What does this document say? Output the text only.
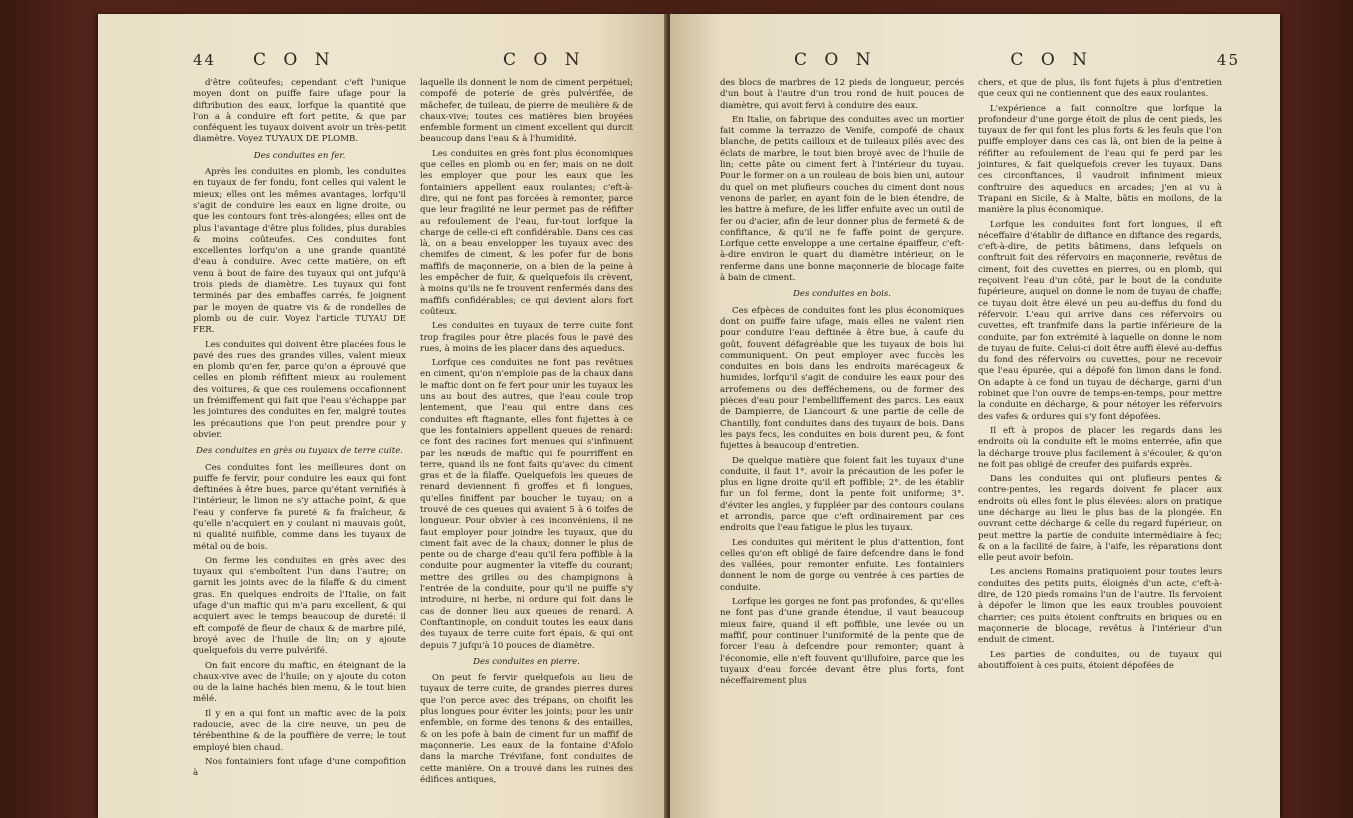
44	C O N	C O N

d'être coûteufes; cependant c'eft l'unique moyen dont on puiffe faire ufage pour la diftribution des eaux, lorfque la quantité que l'on a à conduire eft fort petite, & que par conféquent les tuyaux doivent avoir un très-petit diamètre. Voyez TUYAUX DE PLOMB.

Des conduites en fer.

Après les conduites en plomb, les conduites en tuyaux de fer fondu, font celles qui valent le mieux; elles ont les mêmes avantages, lorfqu'il s'agit de conduire les eaux en ligne droite, ou que les contours font très-alongées; elles ont de plus l'avantage d'être plus folides, plus durables & moins coûteufes. Ces conduites font excellentes lorfqu'on a une grande quantité d'eau à conduire. Avec cette matière, on eft venu à bout de faire des tuyaux qui ont jufqu'à trois pieds de diamètre. Les tuyaux qui font terminés par des embaffes carrés, fe joignent par le moyen de quatre vis & de rondelles de plomb ou de cuir. Voyez l'article TUYAU DE FER.

Les conduites qui doivent être placées fous le pavé des rues des grandes villes, valent mieux en plomb qu'en fer, parce qu'on a éprouvé que celles en plomb réfiftent mieux au roulement des voitures, & que ces roulemens occafionnent un frémiffement qui fait que l'eau s'échappe par les jointures des conduites en fer, malgré toutes les précautions que l'on peut prendre pour y obvier.

Des conduites en grès ou tuyaux de terre cuite.

Ces conduites font les meilleures dont on puiffe fe fervir, pour conduire les eaux qui font deftinées à être bues, parce qu'étant vernifiés à l'intérieur, le limon ne s'y attache point, & que l'eau y conferve fa pureté & fa fraîcheur, & qu'elle n'acquiert en y coulant ni mauvais goût, ni qualité nuifible, comme dans les tuyaux de métal ou de bois.

On ferme les conduites en grès avec des tuyaux qui s'emboîtent l'un dans l'autre; on garnit les joints avec de la filaffe & du ciment gras. En quelques endroits de l'Italie, on fait ufage d'un maftic qui m'a paru excellent, & qui acquiert avec le temps beaucoup de dureté: il eft compofé de fleur de chaux & de marbre pilé, broyé avec de l'huile de lin; on y ajoute quelquefois du verre pulvérifé.

On fait encore du maftic, en éteignant de la chaux-vive avec de l'huile; on y ajoute du coton ou de la laine hachés bien menu, & le tout bien mêlé.

Il y en a qui font un maftic avec de la poix radoucie, avec de la cire neuve, un peu de térébenthine & de la pouffière de verre; le tout employé bien chaud.

Nos fontainiers font ufage d'une compofition à

laquelle ils donnent le nom de ciment perpétuel; compofé de poterie de grès pulvérifée, de mâchefer, de tuileau, de pierre de meulière & de chaux-vive; toutes ces matières bien broyées enfemble forment un ciment excellent qui durcit beaucoup dans l'eau & à l'humidité.

Les conduites en grès font plus économiques que celles en plomb ou en fer; mais on ne doit les employer que pour les eaux que les fontainiers appellent eaux roulantes; c'eft-à-dire, qui ne font pas forcées à remonter, parce que leur fragilité ne leur permet pas de réfifter au refoulement de l'eau, fur-tout lorfque la charge de celle-ci eft confidérable. Dans ces cas là, on a beau envelopper les tuyaux avec des chemifes de ciment, & les pofer fur de bons maffifs de maçonnerie, on a bien de la peine à les empêcher de fuir, & quelquefois ils crèvent, à moins qu'ils ne fe trouvent renfermés dans des maffifs confidérables; ce qui devient alors fort coûteux.

Les conduites en tuyaux de terre cuite font trop fragiles pour être placés fous le pavé des rues, à moins de les placer dans des aqueducs.

Lorfque ces conduites ne font pas revêtues en ciment, qu'on n'emploie pas de la chaux dans le maftic dont on fe fert pour unir les tuyaux les uns au bout des autres, que l'eau coule trop lentement, que l'eau qui entre dans ces conduites eft ftagnante, elles font fujettes à ce que les fontainiers appellent queues de renard: ce font des racines fort menues qui s'infinuent par les nœuds de maftic qui fe pourriffent en terre, quand ils ne font faits qu'avec du ciment gras et de la filaffe. Quelquefois les queues de renard deviennent fi groffes et fi longues, qu'elles finiffent par boucher le tuyau; on a trouvé de ces queues qui avaient 5 à 6 toifes de longueur. Pour obvier à ces inconvéniens, il ne faut employer pour joindre les tuyaux, que du ciment fait avec de la chaux; donner le plus de pente ou de charge d'eau qu'il fera poffible à la conduite pour augmenter la viteffe du courant; mettre des grilles ou des champignons à l'entrée de la conduite, pour qu'il ne puiffe s'y introduire, ni herbe, ni ordure qui foit dans le cas de donner lieu aux queues de renard. A Conftantinople, on conduit toutes les eaux dans des tuyaux de terre cuite fort épais, & qui ont depuis 7 jufqu'à 10 pouces de diamètre.

Des conduites en pierre.

On peut fe fervir quelquefois au lieu de tuyaux de terre cuite, de grandes pierres dures que l'on perce avec des trépans, on choifit les plus longues pour éviter les joints; pour les unir enfemble, on forme des tenons & des entailles, & on les pofe à bain de ciment fur un maffif de maçonnerie. Les eaux de la fontaine d'Afolo dans la marche Trévifane, font conduites de cette manière. On a trouvé dans les ruines des édifices antiques,

C O N	C O N	45

des blocs de marbres de 12 pieds de longueur, percés d'un bout à l'autre d'un trou rond de huit pouces de diamètre, qui avoit fervi à conduire des eaux.

En Italie, on fabrique des conduites avec un mortier fait comme la terrazzo de Venife, compofé de chaux blanche, de petits cailloux et de tuileaux pilés avec des éclats de marbre, le tout bien broyé avec de l'huile de lin; cette pâte ou ciment fert à l'intérieur du tuyau. Pour le former on a un rouleau de bois bien uni, autour du quel on met plufieurs couches du ciment dont nous venons de parler, en ayant foin de le bien étendre, de les battre à mefure, de les liffer enfuite avec un outil de fer ou d'acier, afin de leur donner plus de fermeté & de confiftance, & qu'il ne fe faffe point de gerçure. Lorfque cette enveloppe a une certaine épaiffeur, c'eft-à-dire environ le quart du diamètre intérieur, on le renferme dans une bonne maçonnerie de blocage faite à bain de ciment.

Des conduites en bois.

Ces efpèces de conduites font les plus économiques dont on puiffe faire ufage, mais elles ne valent rien pour conduire l'eau deftinée à être bue, à caufe du goût, fouvent défagréable que les tuyaux de bois lui communiquent. On peut employer avec fuccès les conduites en bois dans les endroits marécageux & humides, lorfqu'il s'agit de conduire les eaux pour des arrofemens ou des defféchemens, ou de former des pièces d'eau pour l'embelliffement des parcs. Les eaux de Dampierre, de Liancourt & une partie de celle de Chantilly, font conduites dans des tuyaux de bois. Dans les pays fecs, les conduites en bois durent peu, & font fujettes à beaucoup d'entretien.

De quelque matière que foient fait les tuyaux d'une conduite, il faut 1°. avoir la précaution de les pofer le plus en ligne droite qu'il eft poffible; 2°. de les établir fur un fol ferme, dont la pente foit uniforme; 3°. d'éviter les angles, y fuppléer par des contours coulans et arrondis, parce que c'eft ordinairement par ces endroits que l'eau fatigue le plus les tuyaux.

Les conduites qui méritent le plus d'attention, font celles qu'on eft obligé de faire defcendre dans le fond des vallées, pour remonter enfuite. Les fontainiers donnent le nom de gorge ou ventrée à ces parties de conduite.

Lorfque les gorges ne font pas profondes, & qu'elles ne font pas d'une grande étendue, il vaut beaucoup mieux faire, quand il eft poffible, une levée ou un maffif, pour continuer l'uniformité de la pente que de forcer l'eau à defcendre pour remonter; quant à l'économie, elle n'eft fouvent qu'illufoire, parce que les tuyaux d'eau forcée devant être plus forts, font néceffairement plus

chers, et que de plus, ils font fujets à plus d'entretien que ceux qui ne contiennent que des eaux roulantes.

L'expérience a fait connoître que lorfque la profondeur d'une gorge étoit de plus de cent pieds, les tuyaux de fer qui font les plus forts & les feuls que l'on puiffe employer dans ces cas là, ont bien de la peine à réfifter au refoulement de l'eau qui fe perd par les jointures, & fait quelquefois crever les tuyaux. Dans ces circonftances, il vaudroit infiniment mieux conftruire des aqueducs en arcades; j'en ai vu à Trapani en Sicile, & à Malte, bâtis en moilons, de la manière la plus économique.

Lorfque les conduites font fort longues, il eft néceffaire d'établir de diftance en diftance des regards, c'eft-à-dire, de petits bâtimens, dans lefquels on conftruit foit des réfervoirs en maçonnerie, revêtus de ciment, foit des cuvettes en pierres, ou en plomb, qui reçoivent l'eau d'un côté, par le bout de la conduite fupérieure, auquel on donne le nom de tuyau de chaffe; ce tuyau doit être élevé un peu au-deffus du fond du réfervoir. L'eau qui arrive dans ces réfervoirs ou cuvettes, eft tranfmife dans la partie inférieure de la conduite, par fon extrémité à laquelle on donne le nom de tuyau de fuite. Celui-ci doit être auffi élevé au-deffus du fond des réfervoirs ou cuvettes, pour ne recevoir que l'eau épurée, qui a dépofé fon limon dans le fond. On adapte à ce fond un tuyau de décharge, garni d'un robinet que l'on ouvre de temps-en-temps, pour mettre la conduite en décharge, & pour nétoyer les réfervoirs des vafes & ordures qui s'y font dépofées.

Il eft à propos de placer les regards dans les endroits où la conduite eft le moins enterrée, afin que la décharge trouve plus facilement à s'écouler, & qu'on ne foit pas obligé de creufer des puifards exprès.

Dans les conduites qui ont plufieurs pentes & contre-pentes, les regards doivent fe placer aux endroits où elles font le plus élevées: alors on pratique une décharge au lieu le plus bas de la plongée. En ouvrant cette décharge & celle du regard fupérieur, on peut mettre la partie de conduite intermédiaire à fec; & on a la facilité de faire, à l'aife, les réparations dont elle peut avoir befoin.

Les anciens Romains pratiquoient pour toutes leurs conduites des petits puits, éloignés d'un acte, c'eft-à-dire, de 120 pieds romains l'un de l'autre. Ils fervoient à dépofer le limon que les eaux troubles pouvoient charrier; ces puits étoient conftruits en briques ou en maçonnerie de blocage, revêtus à l'intérieur d'un enduit de ciment.

Les parties de conduites, ou de tuyaux qui aboutiffoient à ces puits, étoient dépofées de
